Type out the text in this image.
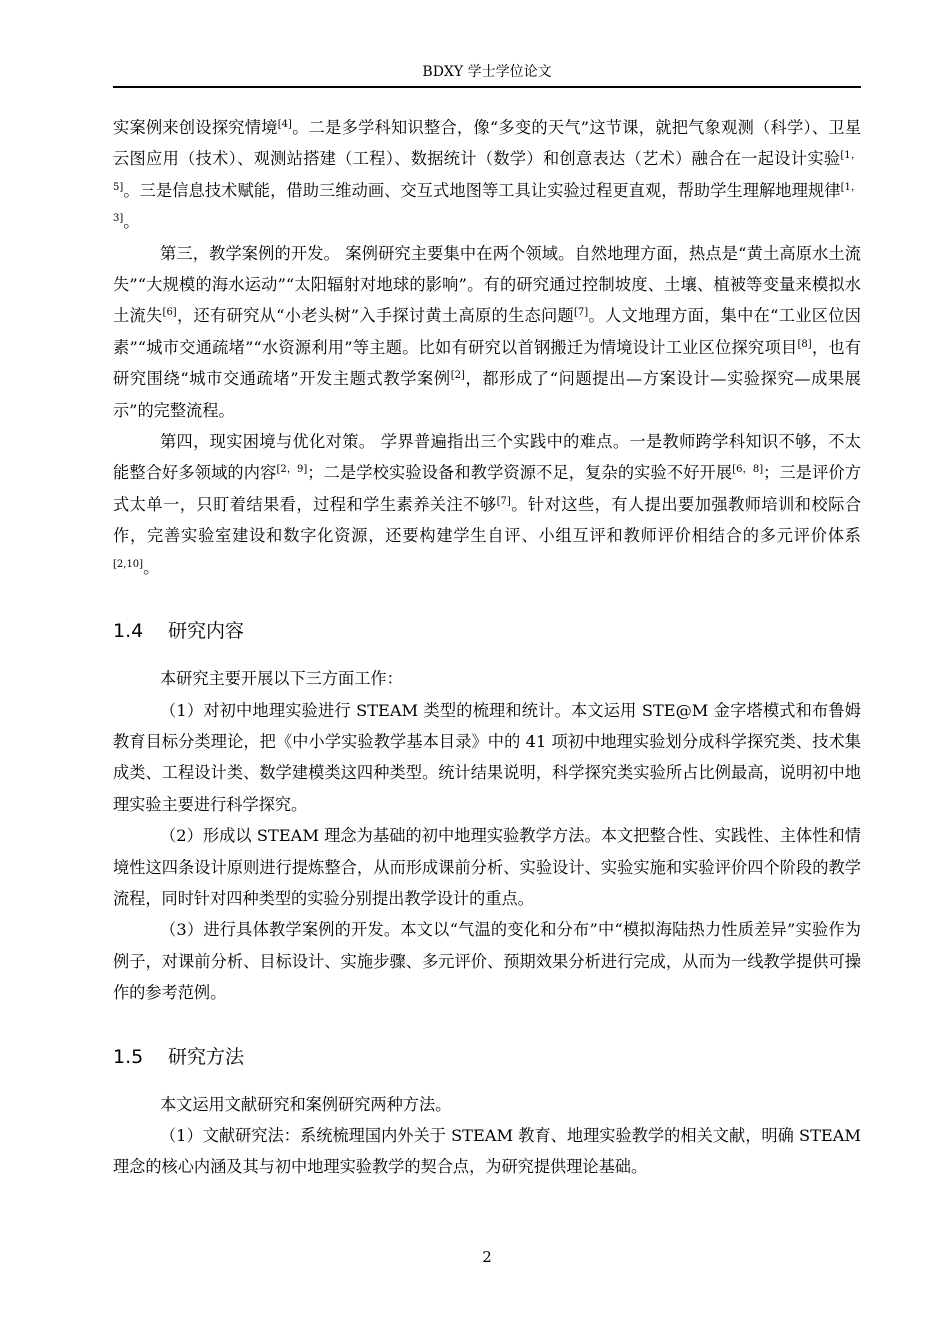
BDXY 学士学位论文

实案例来创设探究情境[4]。二是多学科知识整合，像“多变的天气”这节课，就把气象观测（科学）、卫星云图应用（技术）、观测站搭建（工程）、数据统计（数学）和创意表达（艺术）融合在一起设计实验[1，5]。三是信息技术赋能，借助三维动画、交互式地图等工具让实验过程更直观，帮助学生理解地理规律[1，3]。

第三，教学案例的开发。 案例研究主要集中在两个领域。自然地理方面，热点是“黄土高原水土流失”“大规模的海水运动”“太阳辐射对地球的影响”。有的研究通过控制坡度、土壤、植被等变量来模拟水土流失[6]，还有研究从“小老头树”入手探讨黄土高原的生态问题[7]。人文地理方面，集中在“工业区位因素”“城市交通疏堵”“水资源利用”等主题。比如有研究以首钢搬迁为情境设计工业区位探究项目[8]，也有研究围绕“城市交通疏堵”开发主题式教学案例[2]，都形成了“问题提出—方案设计—实验探究—成果展示”的完整流程。

第四，现实困境与优化对策。 学界普遍指出三个实践中的难点。一是教师跨学科知识不够，不太能整合好多领域的内容[2，9]；二是学校实验设备和教学资源不足，复杂的实验不好开展[6，8]；三是评价方式太单一，只盯着结果看，过程和学生素养关注不够[7]。针对这些，有人提出要加强教师培训和校际合作，完善实验室建设和数字化资源，还要构建学生自评、小组互评和教师评价相结合的多元评价体系[2,10]。

1.4 研究内容

本研究主要开展以下三方面工作：

（1）对初中地理实验进行 STEAM 类型的梳理和统计。本文运用 STE@M 金字塔模式和布鲁姆教育目标分类理论，把《中小学实验教学基本目录》中的 41 项初中地理实验划分成科学探究类、技术集成类、工程设计类、数学建模类这四种类型。统计结果说明，科学探究类实验所占比例最高，说明初中地理实验主要进行科学探究。

（2）形成以 STEAM 理念为基础的初中地理实验教学方法。本文把整合性、实践性、主体性和情境性这四条设计原则进行提炼整合，从而形成课前分析、实验设计、实验实施和实验评价四个阶段的教学流程，同时针对四种类型的实验分别提出教学设计的重点。

（3）进行具体教学案例的开发。本文以“气温的变化和分布”中“模拟海陆热力性质差异”实验作为例子，对课前分析、目标设计、实施步骤、多元评价、预期效果分析进行完成，从而为一线教学提供可操作的参考范例。

1.5 研究方法

本文运用文献研究和案例研究两种方法。

（1）文献研究法：系统梳理国内外关于 STEAM 教育、地理实验教学的相关文献，明确 STEAM 理念的核心内涵及其与初中地理实验教学的契合点，为研究提供理论基础。

2
